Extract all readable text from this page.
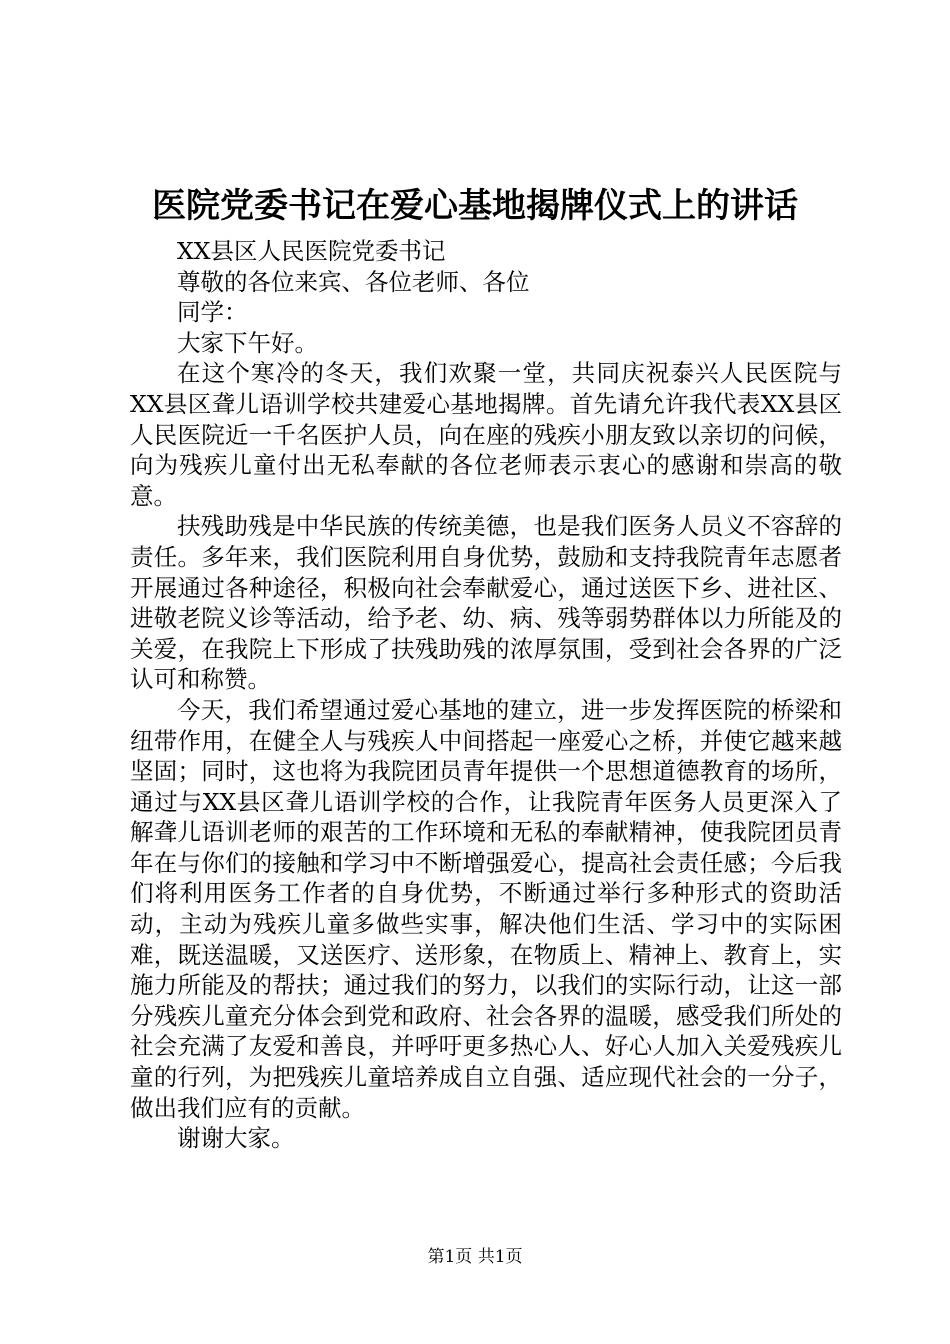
医院党委书记在爱心基地揭牌仪式上的讲话
XX县区人民医院党委书记
尊敬的各位来宾、各位老师、各位
同学：
大家下午好。

在这个寒冷的冬天，我们欢聚一堂，共同庆祝泰兴人民医院与XX县区聋儿语训学校共建爱心基地揭牌。首先请允许我代表XX县区人民医院近一千名医护人员，向在座的残疾小朋友致以亲切的问候，向为残疾儿童付出无私奉献的各位老师表示衷心的感谢和崇高的敬意。

扶残助残是中华民族的传统美德，也是我们医务人员义不容辞的责任。多年来，我们医院利用自身优势，鼓励和支持我院青年志愿者开展通过各种途径，积极向社会奉献爱心，通过送医下乡、进社区、进敬老院义诊等活动，给予老、幼、病、残等弱势群体以力所能及的关爱，在我院上下形成了扶残助残的浓厚氛围，受到社会各界的广泛认可和称赞。

今天，我们希望通过爱心基地的建立，进一步发挥医院的桥梁和纽带作用，在健全人与残疾人中间搭起一座爱心之桥，并使它越来越坚固；同时，这也将为我院团员青年提供一个思想道德教育的场所，通过与XX县区聋儿语训学校的合作，让我院青年医务人员更深入了解聋儿语训老师的艰苦的工作环境和无私的奉献精神，使我院团员青年在与你们的接触和学习中不断增强爱心，提高社会责任感；今后我们将利用医务工作者的自身优势，不断通过举行多种形式的资助活动，主动为残疾儿童多做些实事，解决他们生活、学习中的实际困难，既送温暖，又送医疗、送形象，在物质上、精神上、教育上，实施力所能及的帮扶；通过我们的努力，以我们的实际行动，让这一部分残疾儿童充分体会到党和政府、社会各界的温暖，感受我们所处的社会充满了友爱和善良，并呼吁更多热心人、好心人加入关爱残疾儿童的行列，为把残疾儿童培养成自立自强、适应现代社会的一分子，做出我们应有的贡献。

谢谢大家。
第1页 共1页
